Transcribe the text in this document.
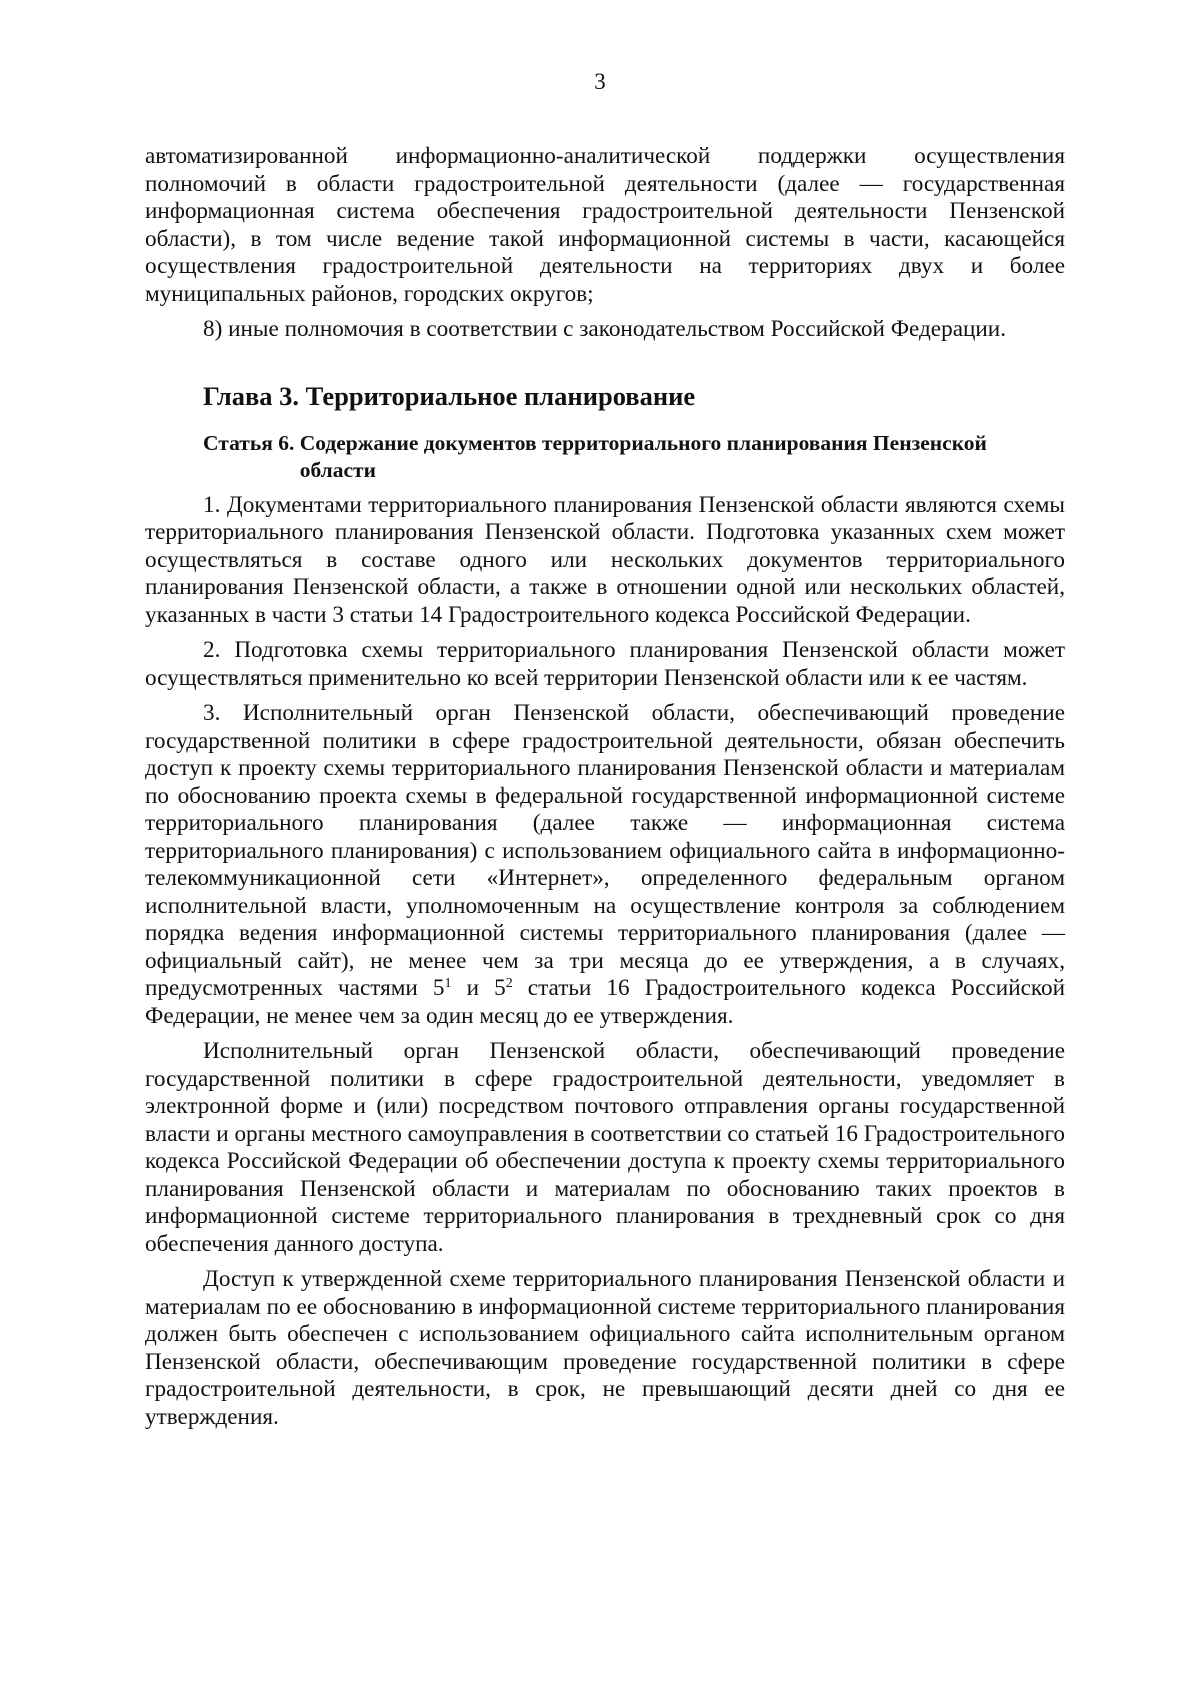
3

автоматизированной информационно-аналитической поддержки осуществления полномочий в области градостроительной деятельности (далее — государственная информационная система обеспечения градостроительной деятельности Пензенской области), в том числе ведение такой информационной системы в части, касающейся осуществления градостроительной деятельности на территориях двух и более муниципальных районов, городских округов;

8) иные полномочия в соответствии с законодательством Российской Федерации.

Глава 3. Территориальное планирование
Статья 6. Содержание документов территориального планирования Пензенской области

1. Документами территориального планирования Пензенской области являются схемы территориального планирования Пензенской области. Подготовка указанных схем может осуществляться в составе одного или нескольких документов территориального планирования Пензенской области, а также в отношении одной или нескольких областей, указанных в части 3 статьи 14 Градостроительного кодекса Российской Федерации.

2. Подготовка схемы территориального планирования Пензенской области может осуществляться применительно ко всей территории Пензенской области или к ее частям.

3. Исполнительный орган Пензенской области, обеспечивающий проведение государственной политики в сфере градостроительной деятельности, обязан обеспечить доступ к проекту схемы территориального планирования Пензенской области и материалам по обоснованию проекта схемы в федеральной государственной информационной системе территориального планирования (далее также — информационная система территориального планирования) с использованием официального сайта в информационно-телекоммуникационной сети «Интернет», определенного федеральным органом исполнительной власти, уполномоченным на осуществление контроля за соблюдением порядка ведения информационной системы территориального планирования (далее — официальный сайт), не менее чем за три месяца до ее утверждения, а в случаях, предусмотренных частями $5^1$ и $5^2$ статьи 16 Градостроительного кодекса Российской Федерации, не менее чем за один месяц до ее утверждения.

Исполнительный орган Пензенской области, обеспечивающий проведение государственной политики в сфере градостроительной деятельности, уведомляет в электронной форме и (или) посредством почтового отправления органы государственной власти и органы местного самоуправления в соответствии со статьей 16 Градостроительного кодекса Российской Федерации об обеспечении доступа к проекту схемы территориального планирования Пензенской области и материалам по обоснованию таких проектов в информационной системе территориального планирования в трехдневный срок со дня обеспечения данного доступа.

Доступ к утвержденной схеме территориального планирования Пензенской области и материалам по ее обоснованию в информационной системе территориального планирования должен быть обеспечен с использованием официального сайта исполнительным органом Пензенской области, обеспечивающим проведение государственной политики в сфере градостроительной деятельности, в срок, не превышающий десяти дней со дня ее утверждения.
